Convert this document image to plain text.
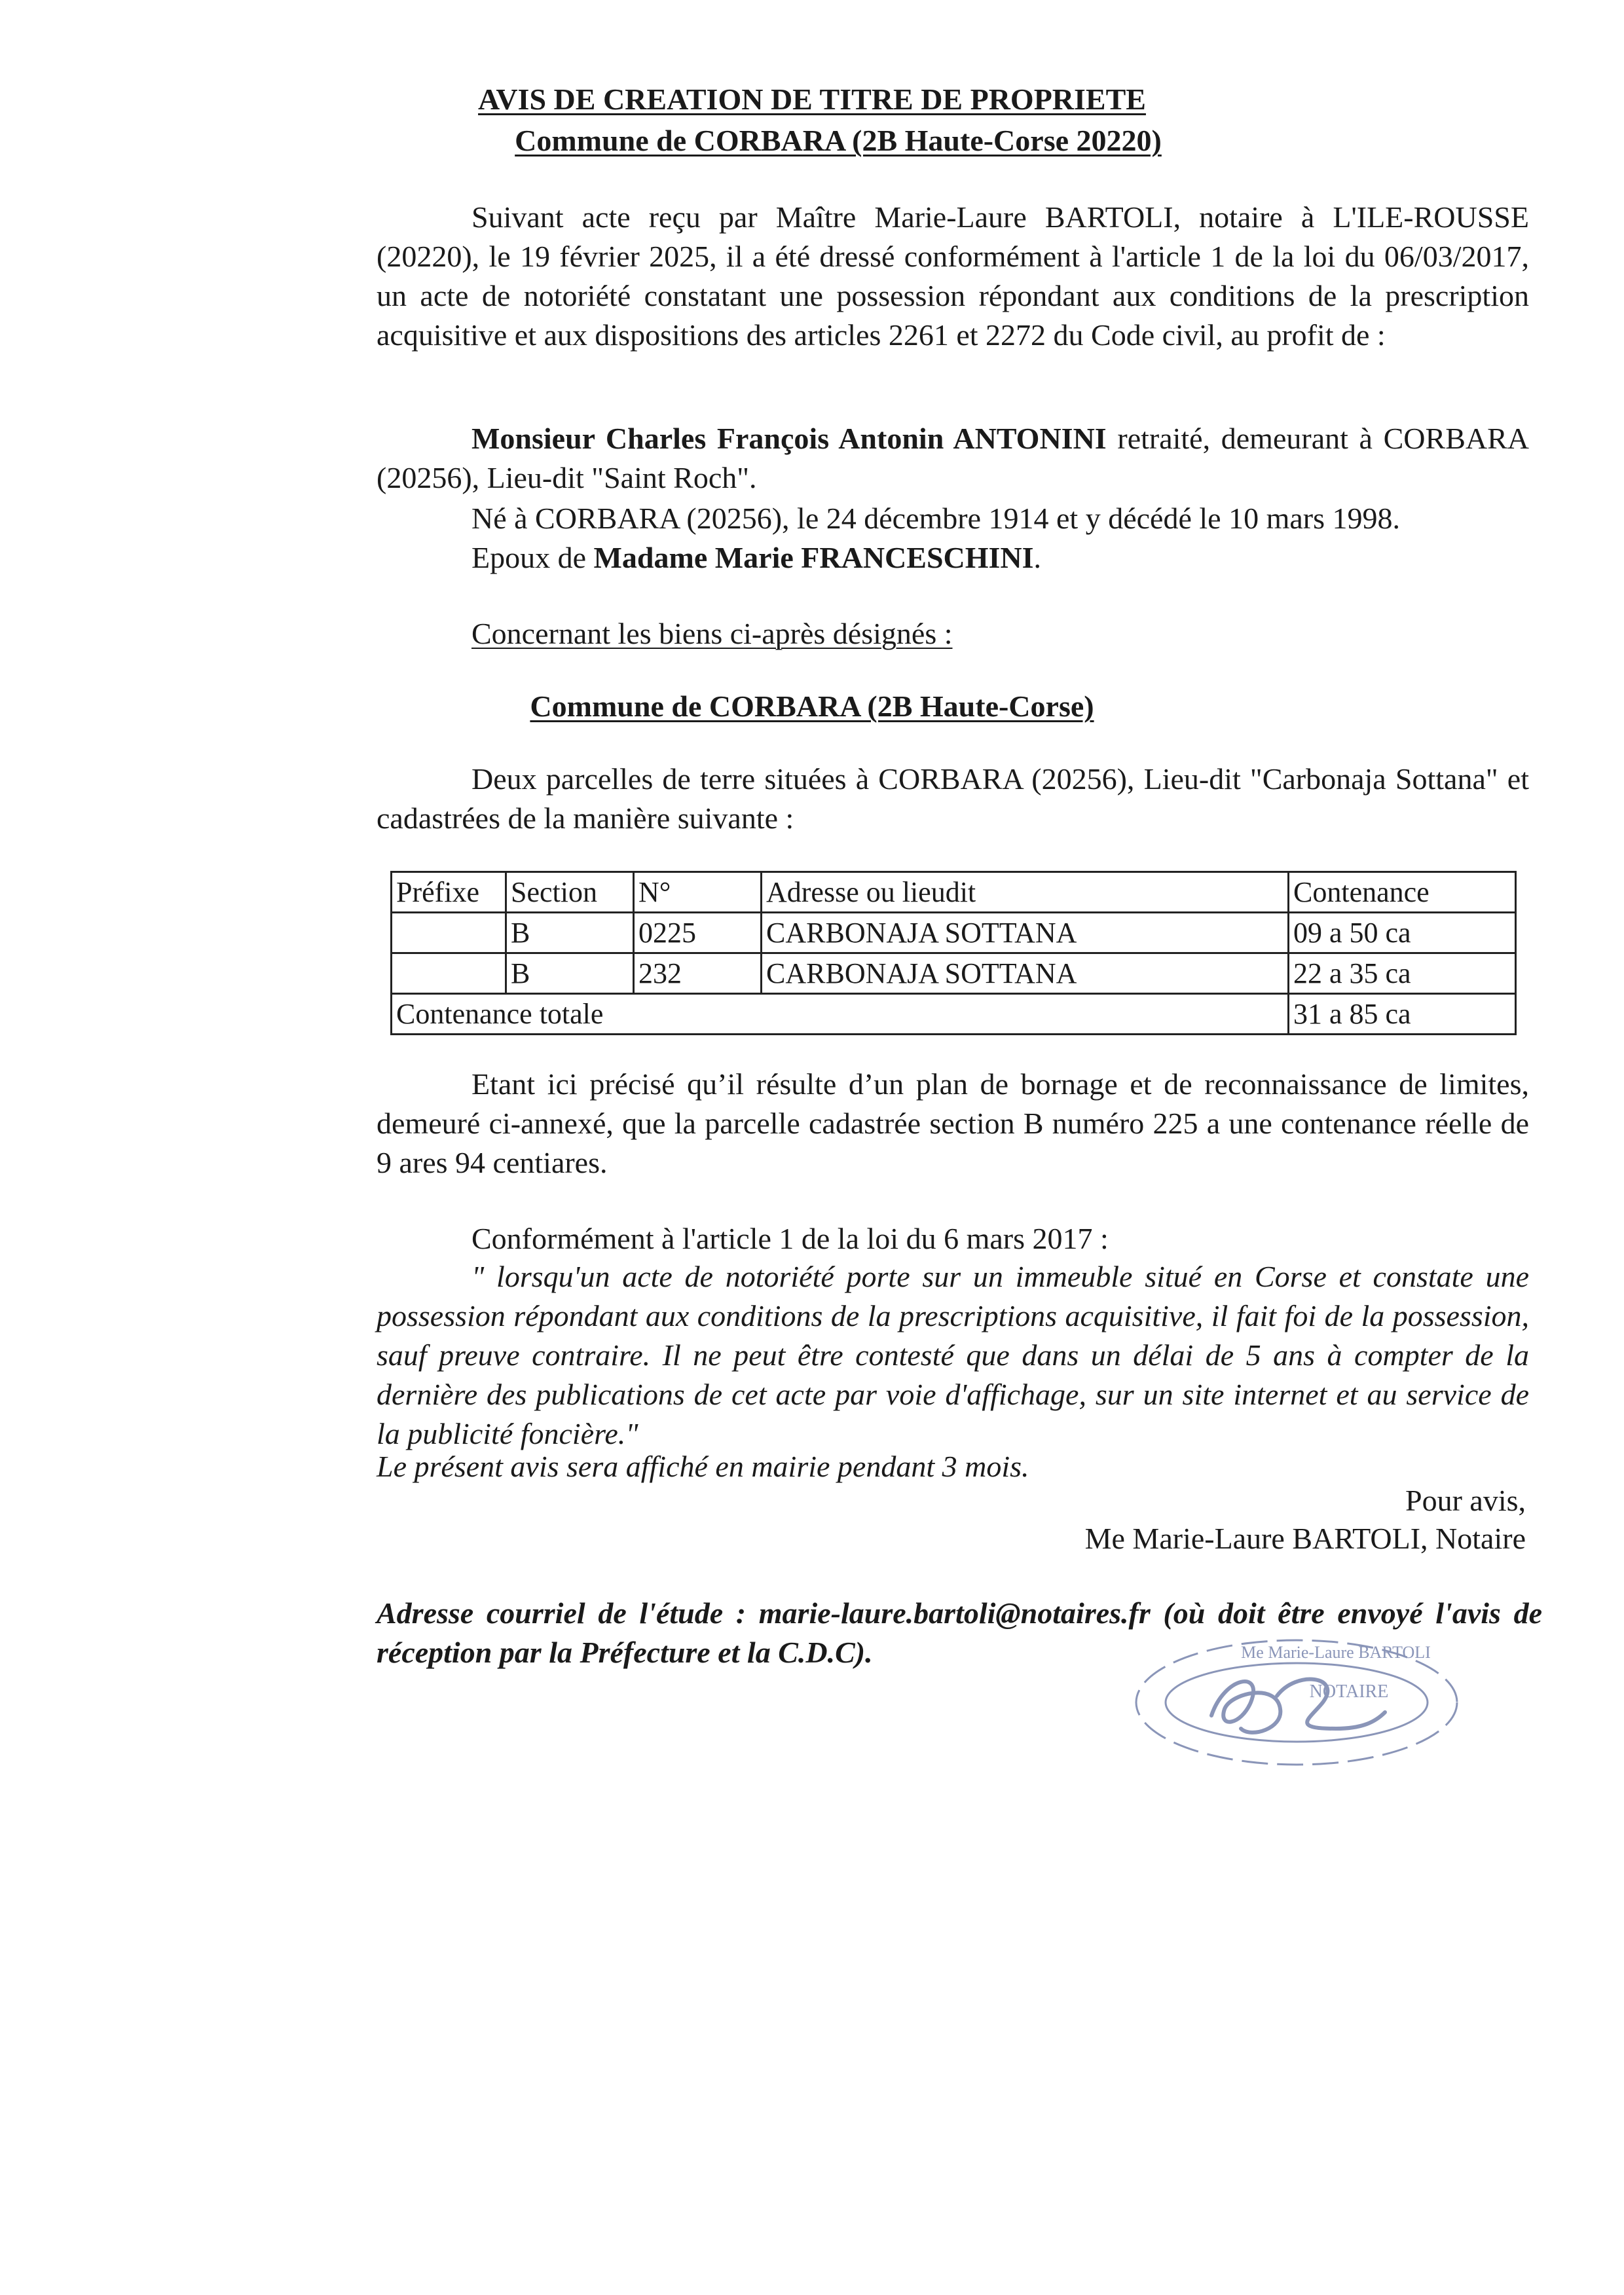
AVIS DE CREATION DE TITRE DE PROPRIETE
Commune de CORBARA (2B Haute-Corse 20220)
Suivant acte reçu par Maître Marie-Laure BARTOLI, notaire à L'ILE-ROUSSE (20220), le 19 février 2025, il a été dressé conformément à l'article 1 de la loi du 06/03/2017, un acte de notoriété constatant une possession répondant aux conditions de la prescription acquisitive et aux dispositions des articles 2261 et 2272 du Code civil, au profit de :
Monsieur Charles François Antonin ANTONINI retraité, demeurant à CORBARA (20256), Lieu-dit "Saint Roch".
Né à CORBARA (20256), le 24 décembre 1914 et y décédé le 10 mars 1998.
Epoux de Madame Marie FRANCESCHINI.
Concernant les biens ci-après désignés :
Commune de CORBARA (2B Haute-Corse)
Deux parcelles de terre situées à CORBARA (20256), Lieu-dit "Carbonaja Sottana" et cadastrées de la manière suivante :
Préfixe	Section	N°	Adresse ou lieudit	Contenance
	B	0225	CARBONAJA SOTTANA	09 a 50 ca
	B	232	CARBONAJA SOTTANA	22 a 35 ca
Contenance totale				31 a 85 ca
Etant ici précisé qu’il résulte d’un plan de bornage et de reconnaissance de limites, demeuré ci-annexé, que la parcelle cadastrée section B numéro 225 a une contenance réelle de 9 ares 94 centiares.
Conformément à l'article 1 de la loi du 6 mars 2017 :
" lorsqu'un acte de notoriété porte sur un immeuble situé en Corse et constate une possession répondant aux conditions de la prescriptions acquisitive, il fait foi de la possession, sauf preuve contraire. Il ne peut être contesté que dans un délai de 5 ans à compter de la dernière des publications de cet acte par voie d'affichage, sur un site internet et au service de la publicité foncière."
Le présent avis sera affiché en mairie pendant 3 mois.
Pour avis,
Me Marie-Laure BARTOLI, Notaire
Adresse courriel de l'étude : marie-laure.bartoli@notaires.fr (où doit être envoyé l'avis de réception par la Préfecture et la C.D.C).	Me Marie-Laure BARTOLI
NOTAIRE
